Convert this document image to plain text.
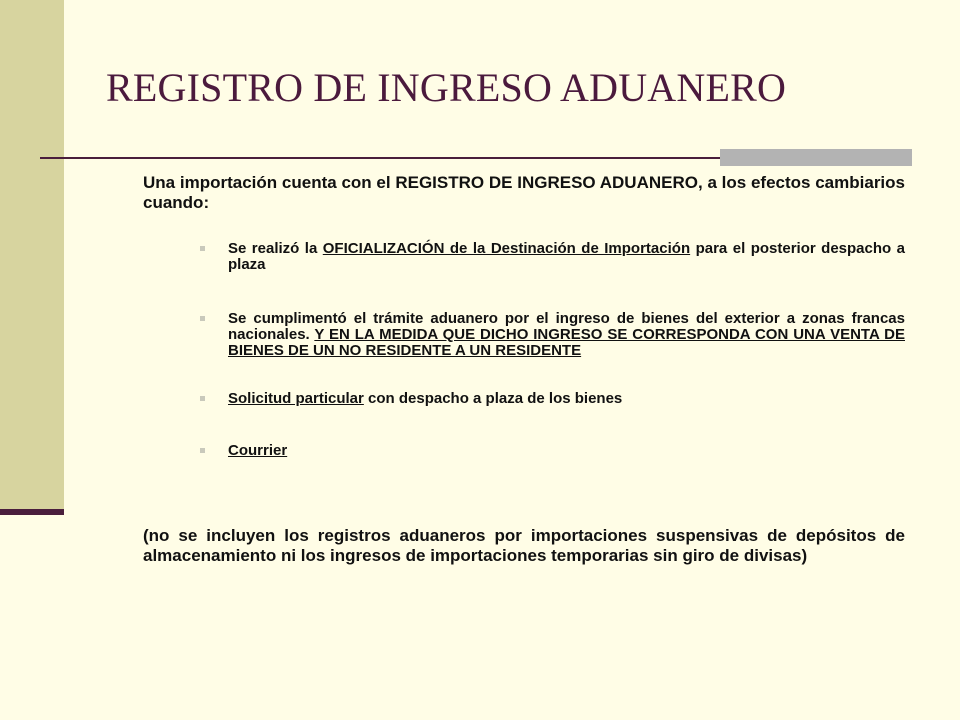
REGISTRO DE INGRESO ADUANERO

Una importación cuenta con el REGISTRO DE INGRESO ADUANERO, a los efectos cambiarios cuando:

Se realizó la OFICIALIZACIÓN de la Destinación de Importación para el posterior despacho a plaza
Se cumplimentó el trámite aduanero por el ingreso de bienes del exterior a zonas francas nacionales. Y EN LA MEDIDA QUE DICHO INGRESO SE CORRESPONDA CON UNA VENTA DE BIENES DE UN NO RESIDENTE A UN RESIDENTE
Solicitud particular con despacho a plaza de los bienes
Courrier

(no se incluyen los registros aduaneros por importaciones suspensivas de depósitos de almacenamiento ni los ingresos de importaciones temporarias sin giro de divisas)
